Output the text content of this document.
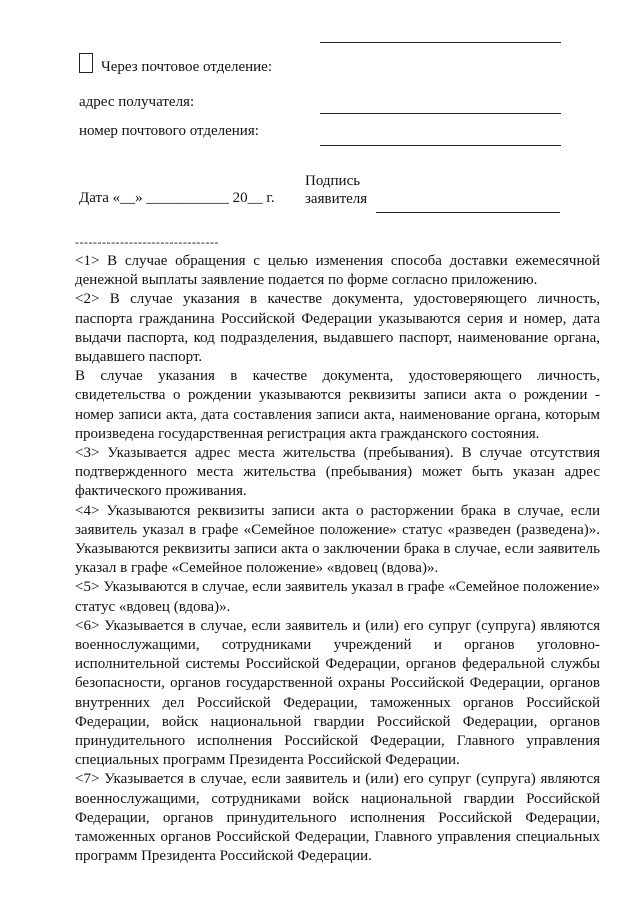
Через почтовое отделение:
адрес получателя:
номер почтового отделения:
Дата «__» ___________ 20__ г.
Подпись
заявителя
--------------------------------

<1> В случае обращения с целью изменения способа доставки ежемесячной денежной выплаты заявление подается по форме согласно приложению.

<2> В случае указания в качестве документа, удостоверяющего личность, паспорта гражданина Российской Федерации указываются серия и номер, дата выдачи паспорта, код подразделения, выдавшего паспорт, наименование органа, выдавшего паспорт.

В случае указания в качестве документа, удостоверяющего личность, свидетельства о рождении указываются реквизиты записи акта о рождении - номер записи акта, дата составления записи акта, наименование органа, которым произведена государственная регистрация акта гражданского состояния.

<3> Указывается адрес места жительства (пребывания). В случае отсутствия подтвержденного места жительства (пребывания) может быть указан адрес фактического проживания.

<4> Указываются реквизиты записи акта о расторжении брака в случае, если заявитель указал в графе «Семейное положение» статус «разведен (разведена)». Указываются реквизиты записи акта о заключении брака в случае, если заявитель указал в графе «Семейное положение» «вдовец (вдова)».

<5> Указываются в случае, если заявитель указал в графе «Семейное положение» статус «вдовец (вдова)».

<6> Указывается в случае, если заявитель и (или) его супруг (супруга) являются военнослужащими, сотрудниками учреждений и органов уголовно-исполнительной системы Российской Федерации, органов федеральной службы безопасности, органов государственной охраны Российской Федерации, органов внутренних дел Российской Федерации, таможенных органов Российской Федерации, войск национальной гвардии Российской Федерации, органов принудительного исполнения Российской Федерации, Главного управления специальных программ Президента Российской Федерации.

<7> Указывается в случае, если заявитель и (или) его супруг (супруга) являются военнослужащими, сотрудниками войск национальной гвардии Российской Федерации, органов принудительного исполнения Российской Федерации, таможенных органов Российской Федерации, Главного управления специальных программ Президента Российской Федерации.
